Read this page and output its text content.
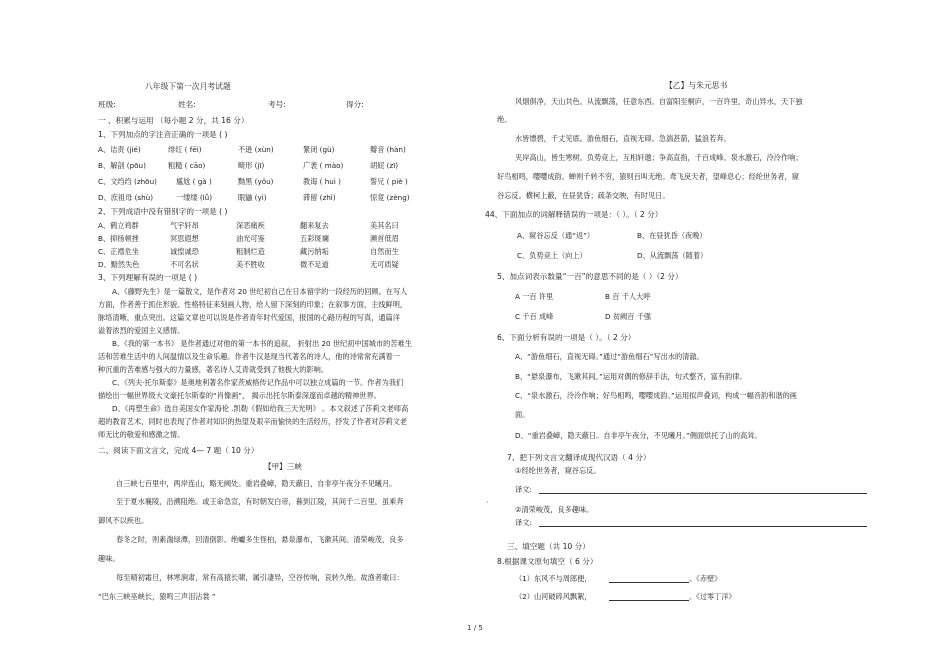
八年级下第一次月考试题
班级:	姓名:	考号:	得分:
一 、积累与运用 （每小题 2 分，共 16 分）
1、下列加点的字注音正确的一项是 ( )
A、诘责 (jié)	绯红 ( fēi)	不逊 (xùn)	緊闭 (gù)	瓣音 (hàn)
B、解剖 (pōu)	粗糙 ( cāo)	畸形 (jī)	广袤 ( mào)	胡屁 (zī)
C、文绉绉 (zhōu)	尴尬 ( gà )	黝黑 (yǒu)	教诲 ( huì )	誓兄 ( piè )
D、庶祖母 (shù)	一缕缕 (lǚ)	眼鼬 (yì)	滞留 (zhì)	惊竟 (zèng)
2、下列成语中没有错别字的一项是 ( )
A、鹤立鸡群	气宇轩昂	深恶痛疾	翻来复去	美其名曰
B、抑扬顿挫	冥思遐想	油光可鉴	五彩斑斓	濒首低眉
C、正襟危坐	诚惶诚恐	粗制烂造	藏污纳垢	自然而生
D、黯然失色	不可名状	美不胜收	微不足道	无可质疑
3、下列理解有误的一项是 ( )
A、《藤野先生》是一篇散文，是作者对 20 世纪初自己在日本留学的一段经历的回顾。在写人
方面，作者善于抓住形貌、性格特征来刻画人物，给人留下深刻的印象；在叙事方面，主线鲜明，
脉络清晰，重点突出。这篇文章也可以说是作者青年时代爱国，报国的心路历程的写真，通篇洋
溢着浓烈的爱国主义感情。
B、《我的第一本书》 是作者通过对他的第一本书的追叙， 折射出 20 世纪初中国城市的苦难生
活和苦难生活中的人间温情以及生命乐趣。作者牛汉是现当代著名的诗人，他的诗常常充满着一
种沉重的苦难感与强大的力量感，著名诗人艾青就受到了他极大的影响。
C、《列夫·托尔斯泰》是奥地利著名作家茨威格传记作品中可以独立成篇的一节。作者为我们
描绘出一幅世界级大文豪托尔斯泰的“肖像画”， 揭示出托尔斯泰深邃而卓越的精神世界。
D、《再塑生命》选自美国女作家海伦 .凯勒《假如给我三天光明》 。本文叙述了莎莉文老师高
超的教育艺术，同时也表现了作者对知识的热望及艰辛而愉快的生活经历，抒发了作者对莎莉文老
师无比的敬爱和感激之情。
二、阅读下面文言文，完成 4— 7 题（ 10 分）
【甲】三峡
自三峡七百里中，两岸连山，略无阙处。重岩叠嶂，隐天蔽日，自非亭午夜分不见曦月。
至于夏水襄陵，沿溯阻绝。或王命急宣，有时朝发白帝，暮到江陵，其间千二百里，虽乘奔
御风不以疾也。
春冬之时，则素湍绿潭，回清倒影。绝巘多生怪柏，悬泉瀑布，飞漱其间。清荣峻茂，良多
趣味。
每至晴初霜旦，林寒涧肃，常有高猿长啸，属引凄异，空谷传响，哀转久绝。故渔者歌曰：
“巴东三峡巫峡长，猿鸣三声泪沾裳 ”
【乙】与朱元思书
风烟俱净，天山共色。从流飘荡，任意东西。自富阳至桐庐，一百许里，奇山异水，天下独
绝。
水皆缥碧，千丈见底。游鱼细石，直视无碍。急湍甚箭，猛浪若奔。
夹岸高山，皆生寒树。负势竞上，互相轩邈；争高直指，千百成峰。泉水激石，泠泠作响；
好鸟相鸣，嘤嘤成韵。蝉则千转不穷，猿则百叫无绝。鸢飞戾天者，望峰息心；经纶世务者，窥
谷忘反。横柯上蔽，在昼犹昏；疏条交映，有时见日。
44、下面加点的词解释错误的一项是：（ ）。（ 2 分）
A、窥谷忘反（通“返”）	B、在昼犹昏（夜晚）
C、负势竞上（向上）	D、从流飘荡（随着）
5、加点词表示数量“一百”的意思不同的是（ ）（2 分）
A 一百 许里	B 百 千人大呼
C 千百 成峰	D 贫阙百 千强
6、下面分析有误的一项是（ ）。（ 2 分）
A、“游鱼细石，直视无碍。”通过“游鱼细石”写出水的清澈。
B、“悬泉瀑布，飞漱其间。”运用对偶的修辞手法，句式整齐，富有韵律。
C、“泉水激石，泠泠作响；好鸟相鸣，嘤嘤成韵。”运用拟声叠词，构成一幅音韵和谐的画
面。
D、“重岩叠嶂，隐天蔽日。自非亭午夜分，不见曦月。”侧面烘托了山的高耸。
7、把下列文言文翻译成现代汉语（ 4 分）
①经纶世务者，窥谷忘反。
译文:
②清荣峻茂，良多趣味。
译文:
三、填空题（共 10 分）
8.根据课文原句填空（ 6 分）
（1）东风不与周郎便，	。《赤壁》
（2）山河破碎风飘絮，	。《过零丁洋》
·
1 / 5
